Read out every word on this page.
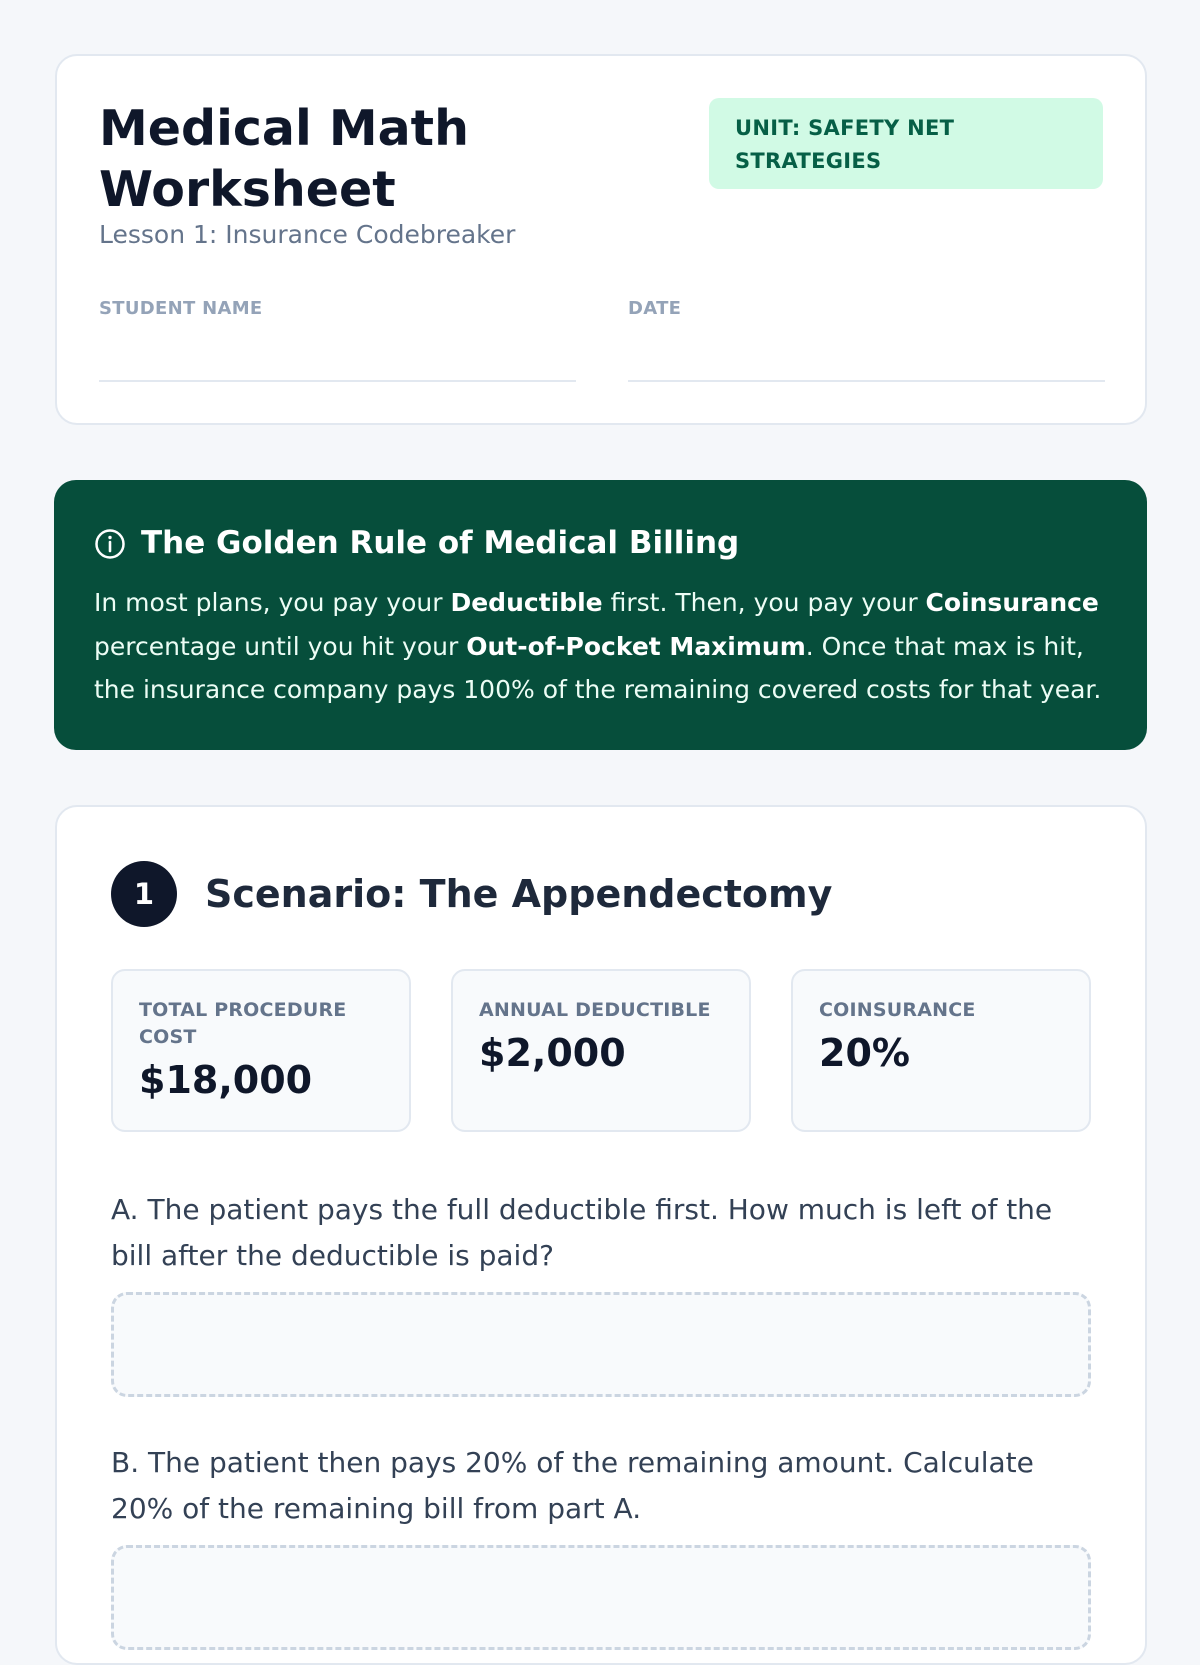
Medical Math Worksheet
Lesson 1: Insurance Codebreaker
UNIT: SAFETY NET STRATEGIES
STUDENT NAME	DATE
The Golden Rule of Medical Billing
In most plans, you pay your Deductible first. Then, you pay your Coinsurance percentage until you hit your Out-of-Pocket Maximum. Once that max is hit, the insurance company pays 100% of the remaining covered costs for that year.
1	Scenario: The Appendectomy
TOTAL PROCEDURE COST
$18,000
ANNUAL DEDUCTIBLE
$2,000
COINSURANCE
20%
A. The patient pays the full deductible first. How much is left of the bill after the deductible is paid?
B. The patient then pays 20% of the remaining amount. Calculate 20% of the remaining bill from part A.
